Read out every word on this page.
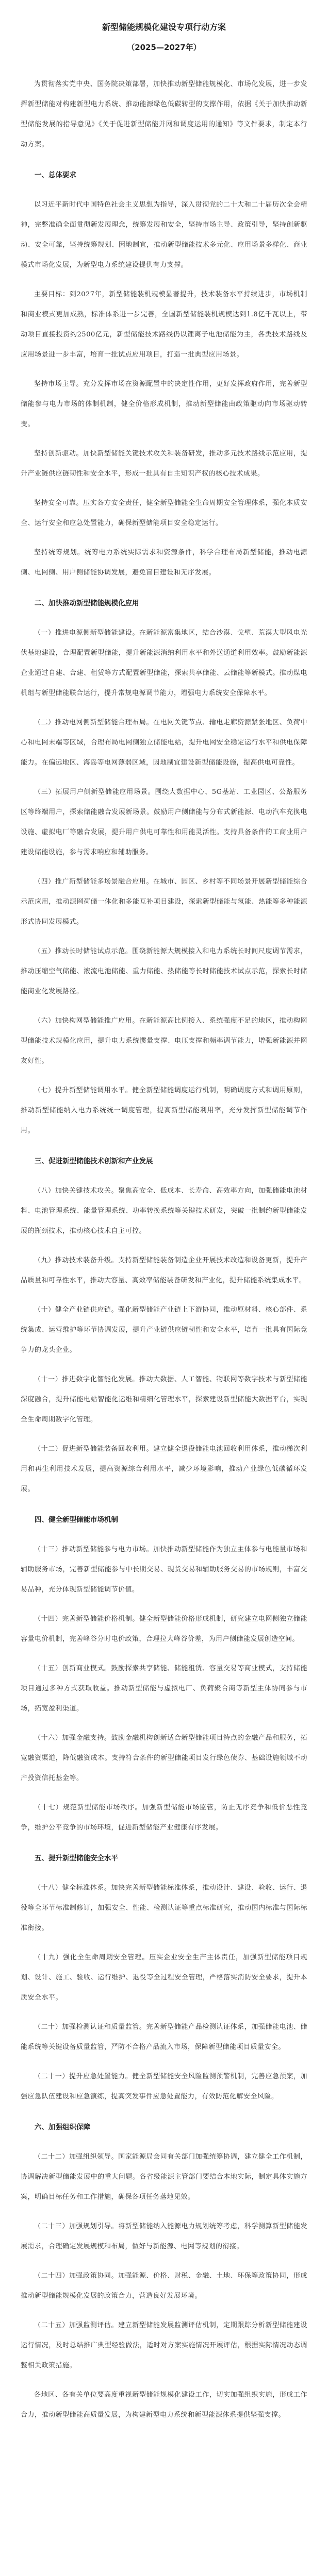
新型储能规模化建设专项行动方案
（2025—2027年）
为贯彻落实党中央、国务院决策部署，加快推动新型储能规模化、市场化发展，进一步发挥新型储能对构建新型电力系统、推动能源绿色低碳转型的支撑作用，依据《关于加快推动新型储能发展的指导意见》《关于促进新型储能并网和调度运用的通知》等文件要求，制定本行动方案。
一、总体要求
以习近平新时代中国特色社会主义思想为指导，深入贯彻党的二十大和二十届历次全会精神，完整准确全面贯彻新发展理念，统筹发展和安全，坚持市场主导、政策引导，坚持创新驱动、安全可靠，坚持统筹规划、因地制宜，推动新型储能技术多元化、应用场景多样化、商业模式市场化发展，为新型电力系统建设提供有力支撑。
主要目标：到2027年，新型储能装机规模显著提升，技术装备水平持续进步，市场机制和商业模式更加成熟，标准体系进一步完善，全国新型储能装机规模达到1.8亿千瓦以上，带动项目直接投资约2500亿元，新型储能技术路线仍以锂离子电池储能为主，各类技术路线及应用场景进一步丰富，培育一批试点应用项目，打造一批典型应用场景。
坚持市场主导。充分发挥市场在资源配置中的决定性作用，更好发挥政府作用，完善新型储能参与电力市场的体制机制，健全价格形成机制，推动新型储能由政策驱动向市场驱动转变。
坚持创新驱动。加快新型储能关键技术攻关和装备研发，推动多元技术路线示范应用，提升产业链供应链韧性和安全水平，形成一批具有自主知识产权的核心技术成果。
坚持安全可靠。压实各方安全责任，健全新型储能全生命周期安全管理体系，强化本质安全、运行安全和应急处置能力，确保新型储能项目安全稳定运行。
坚持统筹规划。统筹电力系统实际需求和资源条件，科学合理布局新型储能，推动电源侧、电网侧、用户侧储能协调发展，避免盲目建设和无序发展。
二、加快推动新型储能规模化应用
（一）推进电源侧新型储能建设。在新能源富集地区，结合沙漠、戈壁、荒漠大型风电光伏基地建设，合理配置新型储能，提升新能源消纳利用水平和外送通道利用效率。鼓励新能源企业通过自建、合建、租赁等方式配置新型储能，探索共享储能、云储能等新模式。推动煤电机组与新型储能联合运行，提升常规电源调节能力，增强电力系统安全保障水平。
（二）推动电网侧新型储能合理布局。在电网关键节点、输电走廊资源紧张地区、负荷中心和电网末端等区域，合理布局电网侧独立储能电站，提升电网安全稳定运行水平和供电保障能力。在偏远地区、海岛等电网薄弱区域，因地制宜建设新型储能设施，提高供电可靠性。
（三）拓展用户侧新型储能应用场景。围绕大数据中心、5G基站、工业园区、公路服务区等终端用户，探索储能融合发展新场景。鼓励用户侧储能与分布式新能源、电动汽车充换电设施、虚拟电厂等融合发展，提升用户供电可靠性和用能灵活性。支持具备条件的工商业用户建设储能设施，参与需求响应和辅助服务。
（四）推广新型储能多场景融合应用。在城市、园区、乡村等不同场景开展新型储能综合示范应用，推动源网荷储一体化和多能互补项目建设，探索新型储能与氢能、热能等多种能源形式协同发展模式。
（五）推动长时储能试点示范。围绕新能源大规模接入和电力系统长时间尺度调节需求，推动压缩空气储能、液流电池储能、重力储能、热储能等长时储能技术试点示范，探索长时储能商业化发展路径。
（六）加快构网型储能推广应用。在新能源高比例接入、系统强度不足的地区，推动构网型储能技术规模化应用，提升电力系统惯量支撑、电压支撑和频率调节能力，增强新能源并网友好性。
（七）提升新型储能调用水平。健全新型储能调度运行机制，明确调度方式和调用原则，推动新型储能纳入电力系统统一调度管理，提高新型储能利用率，充分发挥新型储能调节作用。
三、促进新型储能技术创新和产业发展
（八）加快关键技术攻关。聚焦高安全、低成本、长寿命、高效率方向，加强储能电池材料、电池管理系统、能量管理系统、功率转换系统等关键技术研发，突破一批制约新型储能发展的瓶颈技术，推动核心技术自主可控。
（九）推动技术装备升级。支持新型储能装备制造企业开展技术改造和设备更新，提升产品质量和可靠性水平，推动大容量、高效率储能装备研发和产业化，提升储能系统集成水平。
（十）健全产业链供应链。强化新型储能产业链上下游协同，推动原材料、核心部件、系统集成、运营维护等环节协调发展，提升产业链供应链韧性和安全水平，培育一批具有国际竞争力的龙头企业。
（十一）推进数字化智能化发展。推动大数据、人工智能、物联网等数字技术与新型储能深度融合，提升储能电站智能化运维和精细化管理水平，探索建设新型储能大数据平台，实现全生命周期数字化管理。
（十二）促进新型储能装备回收利用。建立健全退役储能电池回收利用体系，推动梯次利用和再生利用技术发展，提高资源综合利用水平，减少环境影响，推动产业绿色低碳循环发展。
四、健全新型储能市场机制
（十三）推动新型储能参与电力市场。加快推动新型储能作为独立主体参与电能量市场和辅助服务市场，完善新型储能参与中长期交易、现货交易和辅助服务交易的市场规则，丰富交易品种，充分体现新型储能调节价值。
（十四）完善新型储能价格机制。健全新型储能价格形成机制，研究建立电网侧独立储能容量电价机制，完善峰谷分时电价政策，合理拉大峰谷价差，为用户侧储能发展创造空间。
（十五）创新商业模式。鼓励探索共享储能、储能租赁、容量交易等商业模式，支持储能项目通过多种方式获取收益。推动新型储能与虚拟电厂、负荷聚合商等新型主体协同参与市场，拓宽盈利渠道。
（十六）加强金融支持。鼓励金融机构创新适合新型储能项目特点的金融产品和服务，拓宽融资渠道，降低融资成本。支持符合条件的新型储能项目发行绿色债券、基础设施领域不动产投资信托基金等。
（十七）规范新型储能市场秩序。加强新型储能市场监管，防止无序竞争和低价恶性竞争，维护公平竞争的市场环境，促进新型储能产业健康有序发展。
五、提升新型储能安全水平
（十八）健全标准体系。加快完善新型储能标准体系，推动设计、建设、验收、运行、退役等全环节标准制修订，加强安全、性能、检测认证等重点标准研究，推动国内标准与国际标准衔接。
（十九）强化全生命周期安全管理。压实企业安全生产主体责任，加强新型储能项目规划、设计、施工、验收、运行维护、退役等全过程安全管理，严格落实消防安全要求，提升本质安全水平。
（二十）加强检测认证和质量监管。完善新型储能产品检测认证体系，加强储能电池、储能系统等关键设备质量监管，严防不合格产品流入市场，保障新型储能项目质量安全。
（二十一）提升应急处置能力。健全新型储能安全风险监测预警机制，完善应急预案，加强应急队伍建设和应急演练，提高突发事件应急处置能力，有效防范化解安全风险。
六、加强组织保障
（二十二）加强组织领导。国家能源局会同有关部门加强统筹协调，建立健全工作机制，协调解决新型储能发展中的重大问题。各省级能源主管部门要结合本地实际，制定具体实施方案，明确目标任务和工作措施，确保各项任务落地见效。
（二十三）加强规划引导。将新型储能纳入能源电力规划统筹考虑，科学测算新型储能发展需求，合理确定发展规模和布局，做好与新能源、电网等规划的衔接。
（二十四）加强政策协同。加强能源、价格、财税、金融、土地、环保等政策协同，形成推动新型储能规模化发展的政策合力，营造良好发展环境。
（二十五）加强监测评估。建立新型储能发展监测评估机制，定期跟踪分析新型储能建设运行情况，及时总结推广典型经验做法，适时对方案实施情况开展评估，根据实际情况动态调整相关政策措施。
各地区、各有关单位要高度重视新型储能规模化建设工作，切实加强组织实施，形成工作合力，推动新型储能高质量发展，为构建新型电力系统和新型能源体系提供坚强支撑。
